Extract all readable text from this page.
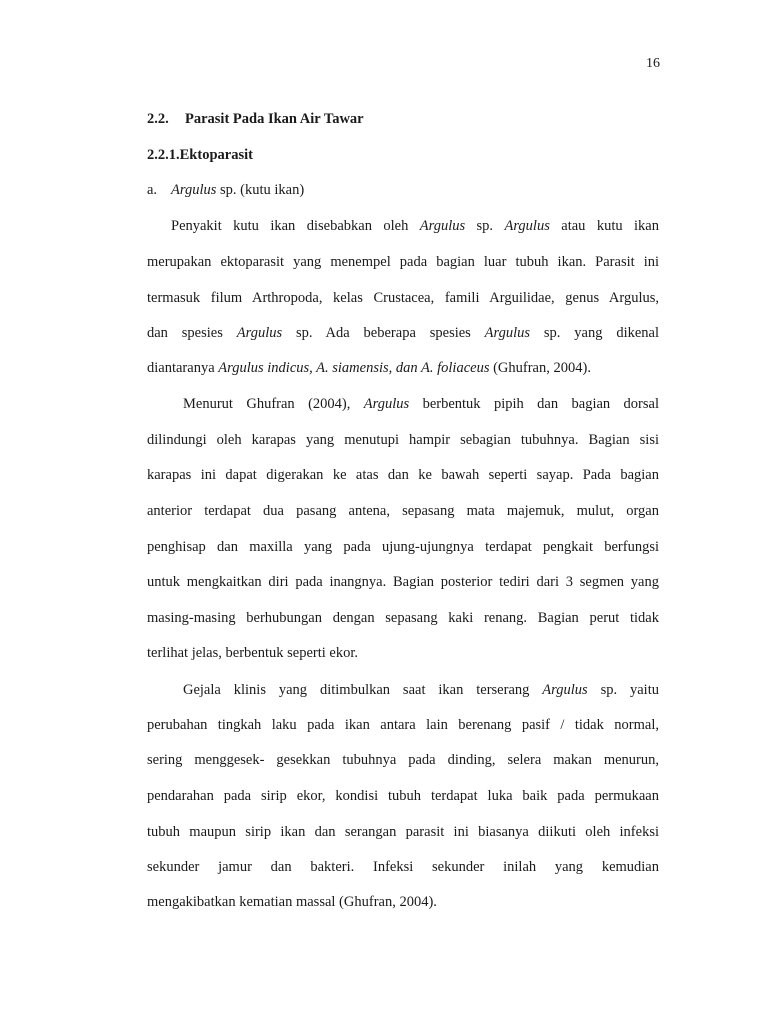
16
2.2. Parasit Pada Ikan Air Tawar
2.2.1.Ektoparasit
a. Argulus sp. (kutu ikan)
Penyakit kutu ikan disebabkan oleh Argulus sp. Argulus atau kutu ikan
merupakan ektoparasit yang menempel pada bagian luar tubuh ikan. Parasit ini
termasuk filum Arthropoda, kelas Crustacea, famili Arguilidae, genus Argulus,
dan spesies Argulus sp. Ada beberapa spesies Argulus sp. yang dikenal
diantaranya Argulus indicus, A. siamensis, dan A. foliaceus (Ghufran, 2004).
Menurut Ghufran (2004), Argulus berbentuk pipih dan bagian dorsal
dilindungi oleh karapas yang menutupi hampir sebagian tubuhnya. Bagian sisi
karapas ini dapat digerakan ke atas dan ke bawah seperti sayap. Pada bagian
anterior terdapat dua pasang antena, sepasang mata majemuk, mulut, organ
penghisap dan maxilla yang pada ujung-ujungnya terdapat pengkait berfungsi
untuk mengkaitkan diri pada inangnya. Bagian posterior tediri dari 3 segmen yang
masing-masing berhubungan dengan sepasang kaki renang. Bagian perut tidak
terlihat jelas, berbentuk seperti ekor.
Gejala klinis yang ditimbulkan saat ikan terserang Argulus sp. yaitu
perubahan tingkah laku pada ikan antara lain berenang pasif / tidak normal,
sering menggesek- gesekkan tubuhnya pada dinding, selera makan menurun,
pendarahan pada sirip ekor, kondisi tubuh terdapat luka baik pada permukaan
tubuh maupun sirip ikan dan serangan parasit ini biasanya diikuti oleh infeksi
sekunder jamur dan bakteri. Infeksi sekunder inilah yang kemudian
mengakibatkan kematian massal (Ghufran, 2004).
